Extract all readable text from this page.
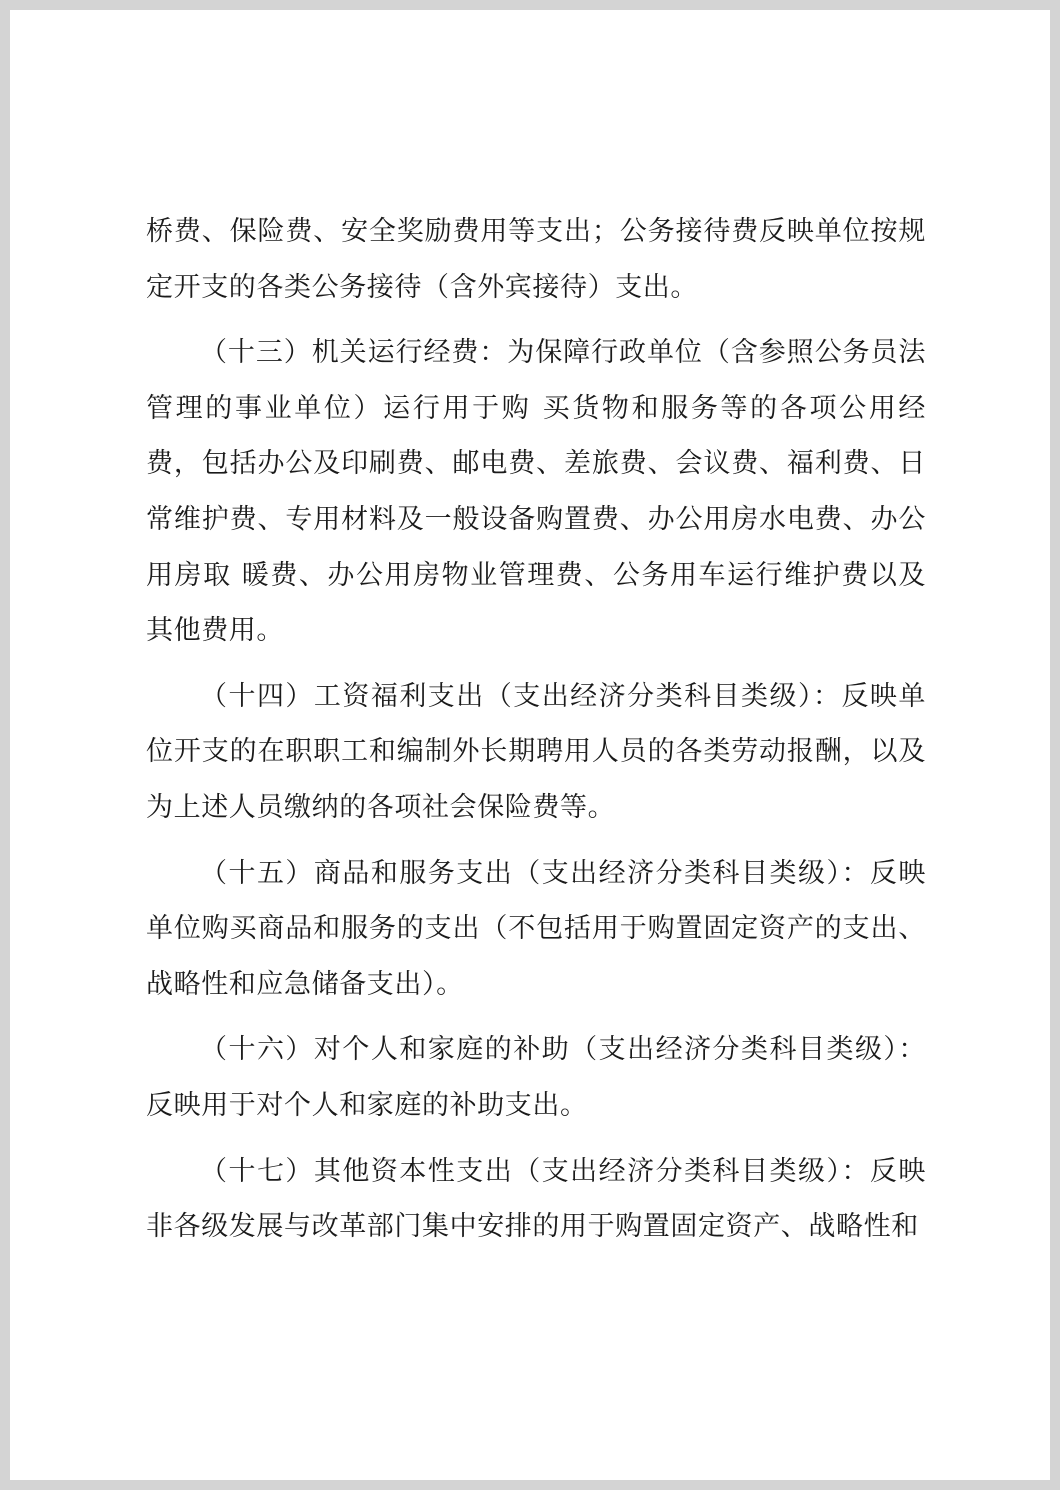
桥费、保险费、安全奖励费用等支出；公务接待费反映单位按规定开支的各类公务接待（含外宾接待）支出。

（十三）机关运行经费：为保障行政单位（含参照公务员法管理的事业单位）运行用于购 买货物和服务等的各项公用经费，包括办公及印刷费、邮电费、差旅费、会议费、福利费、日常维护费、专用材料及一般设备购置费、办公用房水电费、办公用房取 暖费、办公用房物业管理费、公务用车运行维护费以及其他费用。

（十四）工资福利支出（支出经济分类科目类级）：反映单位开支的在职职工和编制外长期聘用人员的各类劳动报酬，以及为上述人员缴纳的各项社会保险费等。

（十五）商品和服务支出（支出经济分类科目类级）：反映单位购买商品和服务的支出（不包括用于购置固定资产的支出、战略性和应急储备支出）。

（十六）对个人和家庭的补助（支出经济分类科目类级）：反映用于对个人和家庭的补助支出。

（十七）其他资本性支出（支出经济分类科目类级）：反映非各级发展与改革部门集中安排的用于购置固定资产、战略性和
